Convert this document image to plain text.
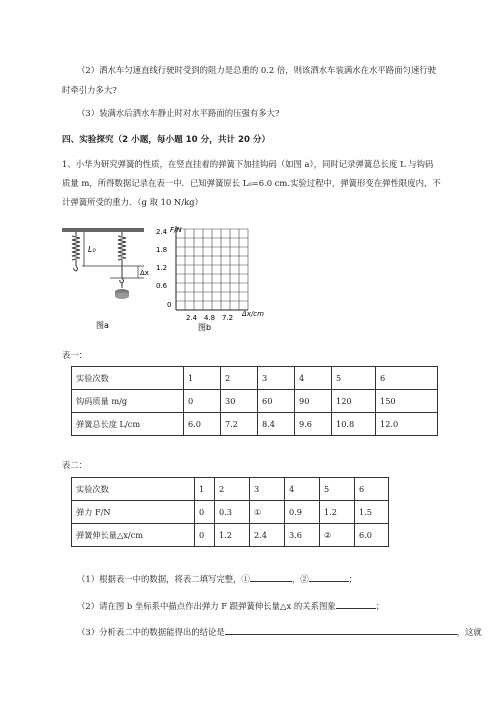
（2）洒水车匀速直线行驶时受到的阻力是总重的 0.2 倍，则该洒水车装满水在水平路面匀速行驶
时牵引力多大?
（3）装满水后洒水车静止时对水平路面的压强有多大?
四、实验探究（2 小题，每小题 10 分，共计 20 分）
1、小华为研究弹簧的性质，在竖直挂着的弹簧下加挂钩码（如图 a），同时记录弹簧总长度 L 与钩码
质量 m，所得数据记录在表一中．已知弹簧原长 L₀=6.0 cm.实验过程中，弹簧形变在弹性限度内，不
计弹簧所受的重力．（g 取 10 N/kg）
L₀
Δx
图a
F/N
Δx/cm
2.4
1.8
1.2
0.6
0
2.4 4.8 7.2
图b
表一：
实验次数	1	2	3	4	5	6
钩码质量 m/g	0	30	60	90	120	150
弹簧总长度 L/cm	6.0	7.2	8.4	9.6	10.8	12.0
表二：
实验次数	1	2	3	4	5	6
弹力 F/N	0	0.3	①	0.9	1.2	1.5
弹簧伸长量△x/cm	0	1.2	2.4	3.6	②	6.0
（1）根据表一中的数据，将表二填写完整，①	，②	；
（2）请在图 b 坐标系中描点作出弹力 F 跟弹簧伸长量△x 的关系图象	；
（3）分析表二中的数据能得出的结论是	，这就
